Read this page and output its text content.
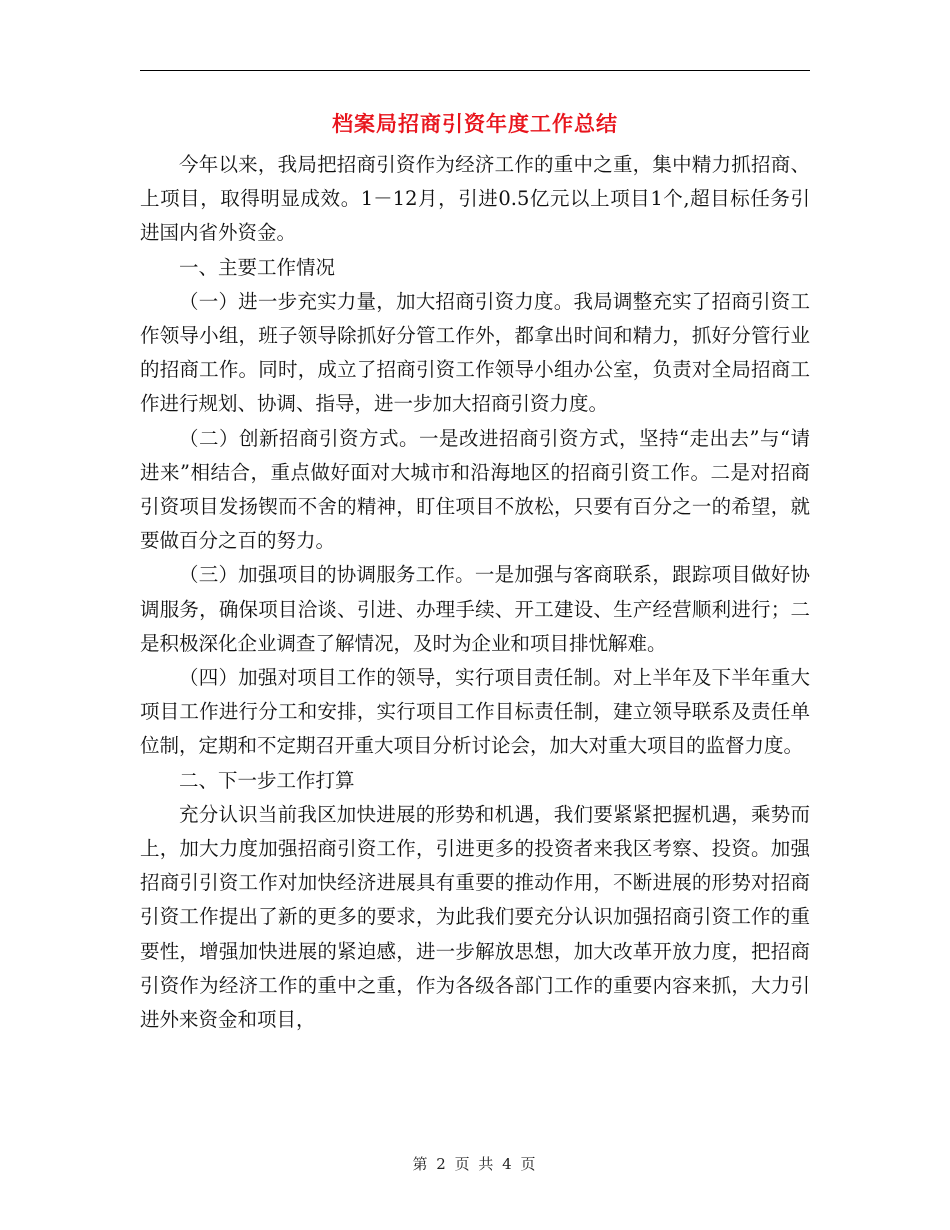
档案局招商引资年度工作总结

今年以来，我局把招商引资作为经济工作的重中之重，集中精力抓招商、上项目，取得明显成效。1－12月，引进0.5亿元以上项目1个,超目标任务引进国内省外资金。

一、主要工作情况

（一）进一步充实力量，加大招商引资力度。我局调整充实了招商引资工作领导小组，班子领导除抓好分管工作外，都拿出时间和精力，抓好分管行业的招商工作。同时，成立了招商引资工作领导小组办公室，负责对全局招商工作进行规划、协调、指导，进一步加大招商引资力度。

（二）创新招商引资方式。一是改进招商引资方式，坚持“走出去”与“请进来”相结合，重点做好面对大城市和沿海地区的招商引资工作。二是对招商引资项目发扬锲而不舍的精神，盯住项目不放松，只要有百分之一的希望，就要做百分之百的努力。

（三）加强项目的协调服务工作。一是加强与客商联系，跟踪项目做好协调服务，确保项目洽谈、引进、办理手续、开工建设、生产经营顺利进行；二是积极深化企业调查了解情况，及时为企业和项目排忧解难。

（四）加强对项目工作的领导，实行项目责任制。对上半年及下半年重大项目工作进行分工和安排，实行项目工作目标责任制，建立领导联系及责任单位制，定期和不定期召开重大项目分析讨论会，加大对重大项目的监督力度。

二、下一步工作打算

充分认识当前我区加快进展的形势和机遇，我们要紧紧把握机遇，乘势而上，加大力度加强招商引资工作，引进更多的投资者来我区考察、投资。加强招商引引资工作对加快经济进展具有重要的推动作用，不断进展的形势对招商引资工作提出了新的更多的要求，为此我们要充分认识加强招商引资工作的重要性，增强加快进展的紧迫感，进一步解放思想，加大改革开放力度，把招商引资作为经济工作的重中之重，作为各级各部门工作的重要内容来抓，大力引进外来资金和项目，

第 2 页 共 4 页
